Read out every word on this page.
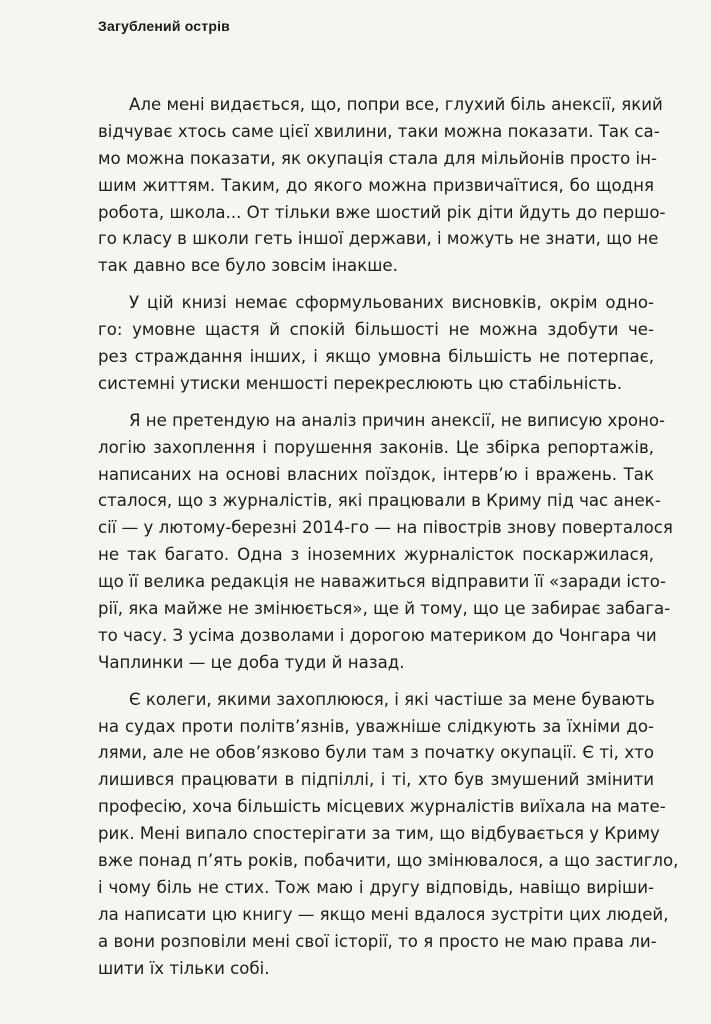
Загублений острів
Але мені видається, що, попри все, глухий біль анексії, який
відчуває хтось саме цієї хвилини, таки можна показати. Так са-
мо можна показати, як окупація стала для мільйонів просто ін-
шим життям. Таким, до якого можна призвичаїтися, бо щодня
робота, школа... От тільки вже шостий рік діти йдуть до першо-
го класу в школи геть іншої держави, і можуть не знати, що не
так давно все було зовсім інакше.
У цій книзі немає сформульованих висновків, окрім одно-
го: умовне щастя й спокій більшості не можна здобути че-
рез страждання інших, і якщо умовна більшість не потерпає,
системні утиски меншості перекреслюють цю стабільність.
Я не претендую на аналіз причин анексії, не виписую хроно-
логію захоплення і порушення законів. Це збірка репортажів,
написаних на основі власних поїздок, інтерв’ю і вражень. Так
сталося, що з журналістів, які працювали в Криму під час анек-
сії — у лютому-березні 2014-го — на півострів знову поверталося
не так багато. Одна з іноземних журналісток поскаржилася,
що її велика редакція не наважиться відправити її «заради істо-
рії, яка майже не змінюється», ще й тому, що це забирає забага-
то часу. З усіма дозволами і дорогою материком до Чонгара чи
Чаплинки — це доба туди й назад.
Є колеги, якими захоплююся, і які частіше за мене бувають
на судах проти політв’язнів, уважніше слідкують за їхніми до-
лями, але не обов’язково були там з початку окупації. Є ті, хто
лишився працювати в підпіллі, і ті, хто був змушений змінити
професію, хоча більшість місцевих журналістів виїхала на мате-
рик. Мені випало спостерігати за тим, що відбувається у Криму
вже понад п’ять років, побачити, що змінювалося, а що застигло,
і чому біль не стих. Тож маю і другу відповідь, навіщо виріши-
ла написати цю книгу — якщо мені вдалося зустріти цих людей,
а вони розповіли мені свої історії, то я просто не маю права ли-
шити їх тільки собі.
